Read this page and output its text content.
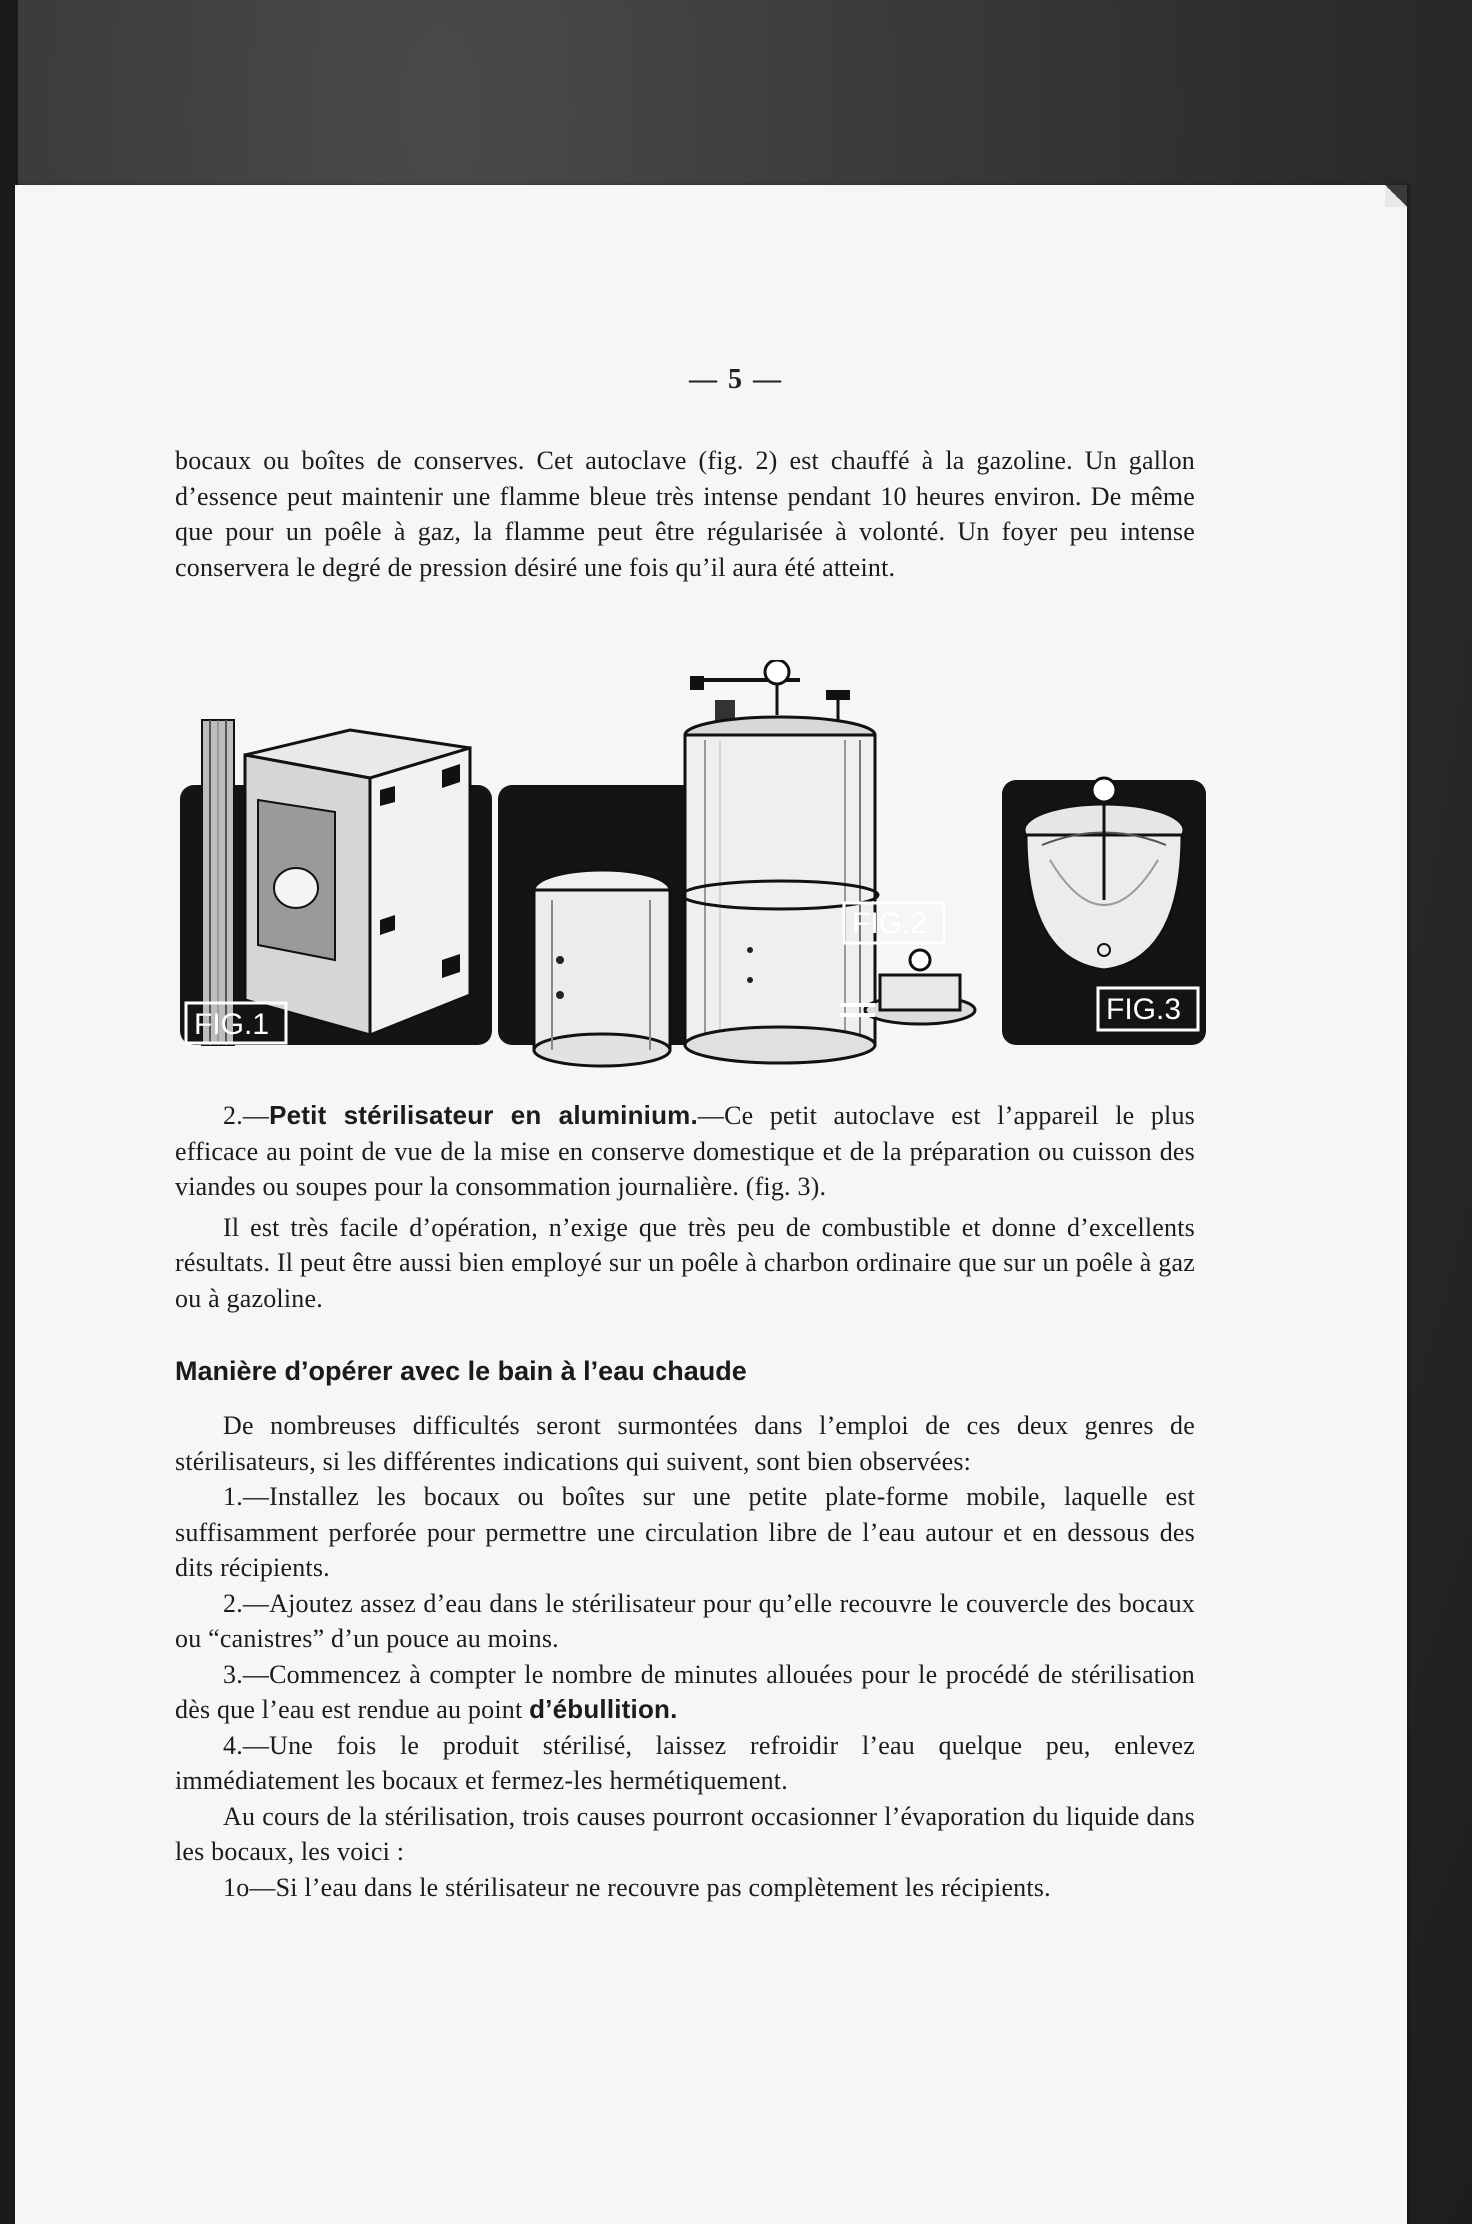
— 5 —

bocaux ou boîtes de conserves. Cet autoclave (fig. 2) est chauffé à la gazoline. Un gallon d’essence peut maintenir une flamme bleue très intense pendant 10 heures environ. De même que pour un poêle à gaz, la flamme peut être régularisée à volonté. Un foyer peu intense conservera le degré de pression désiré une fois qu’il aura été atteint.

FIG.1
FIG.2
FIG.3

2.—Petit stérilisateur en aluminium.—Ce petit autoclave est l’appareil le plus efficace au point de vue de la mise en conserve domestique et de la préparation ou cuisson des viandes ou soupes pour la consommation journalière. (fig. 3).

Il est très facile d’opération, n’exige que très peu de combustible et donne d’excellents résultats. Il peut être aussi bien employé sur un poêle à charbon ordinaire que sur un poêle à gaz ou à gazoline.

Manière d’opérer avec le bain à l’eau chaude

De nombreuses difficultés seront surmontées dans l’emploi de ces deux genres de stérilisateurs, si les différentes indications qui suivent, sont bien observées:

1.—Installez les bocaux ou boîtes sur une petite plate-forme mobile, laquelle est suffisamment perforée pour permettre une circulation libre de l’eau autour et en dessous des dits récipients.

2.—Ajoutez assez d’eau dans le stérilisateur pour qu’elle recouvre le couvercle des bocaux ou “canistres” d’un pouce au moins.

3.—Commencez à compter le nombre de minutes allouées pour le procédé de stérilisation dès que l’eau est rendue au point d’ébullition.

4.—Une fois le produit stérilisé, laissez refroidir l’eau quelque peu, enlevez immédiatement les bocaux et fermez-les hermétiquement.

Au cours de la stérilisation, trois causes pourront occasionner l’évaporation du liquide dans les bocaux, les voici :

1o—Si l’eau dans le stérilisateur ne recouvre pas complètement les récipients.
